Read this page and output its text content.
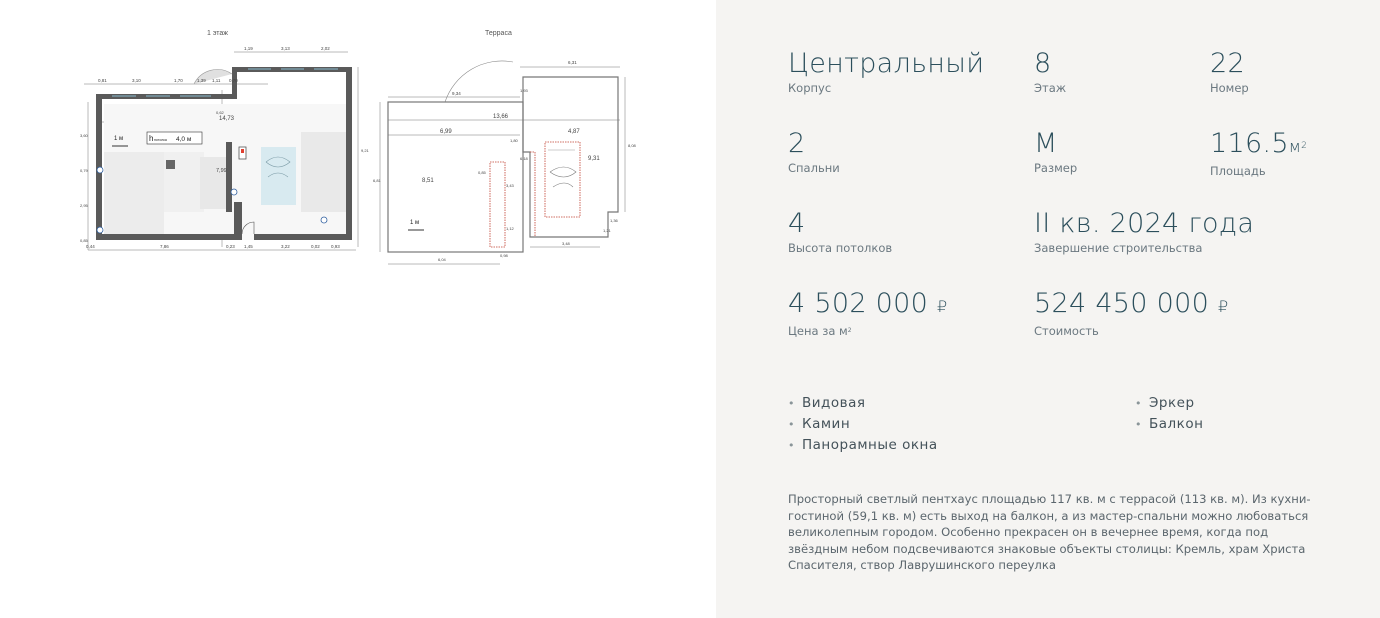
1 этаж	Терраса
h потолка 4,0 м
1 м
1,19	3,13	2,02
0,81	3,10	1,70	1,39 1,11 0,70
14,73
3,60
0,79
2,95
0,85
7,99
0,62
9,21
0,44	7,86	0,23 1,45	3,22	0,02 0,93
1 м
6,31
9,34
13,66
6,99	4,87
8,51
9,31
8,08
6,81
1,80
0,85
3,43
6,18
1,12
3,48
6,04
1,36
1,21
0,98
1,93
Центральный
Корпус
8
Этаж
22
Номер
2
Спальни
М
Размер
$116.5м^2$
Площадь
4
Высота потолков
II кв. 2024 года
Завершение строительства
4 502 000 ₽
Цена за $м^2$
524 450 000 ₽
Стоимость
• Видовая
• Камин
• Панорамные окна
• Эркер
• Балкон

Просторный светлый пентхаус площадью 117 кв. м с террасой (113 кв. м). Из кухни-гостиной (59,1 кв. м) есть выход на балкон, а из мастер-спальни можно любоваться великолепным городом. Особенно прекрасен он в вечернее время, когда под звёздным небом подсвечиваются знаковые объекты столицы: Кремль, храм Христа Спасителя, створ Лаврушинского переулка
